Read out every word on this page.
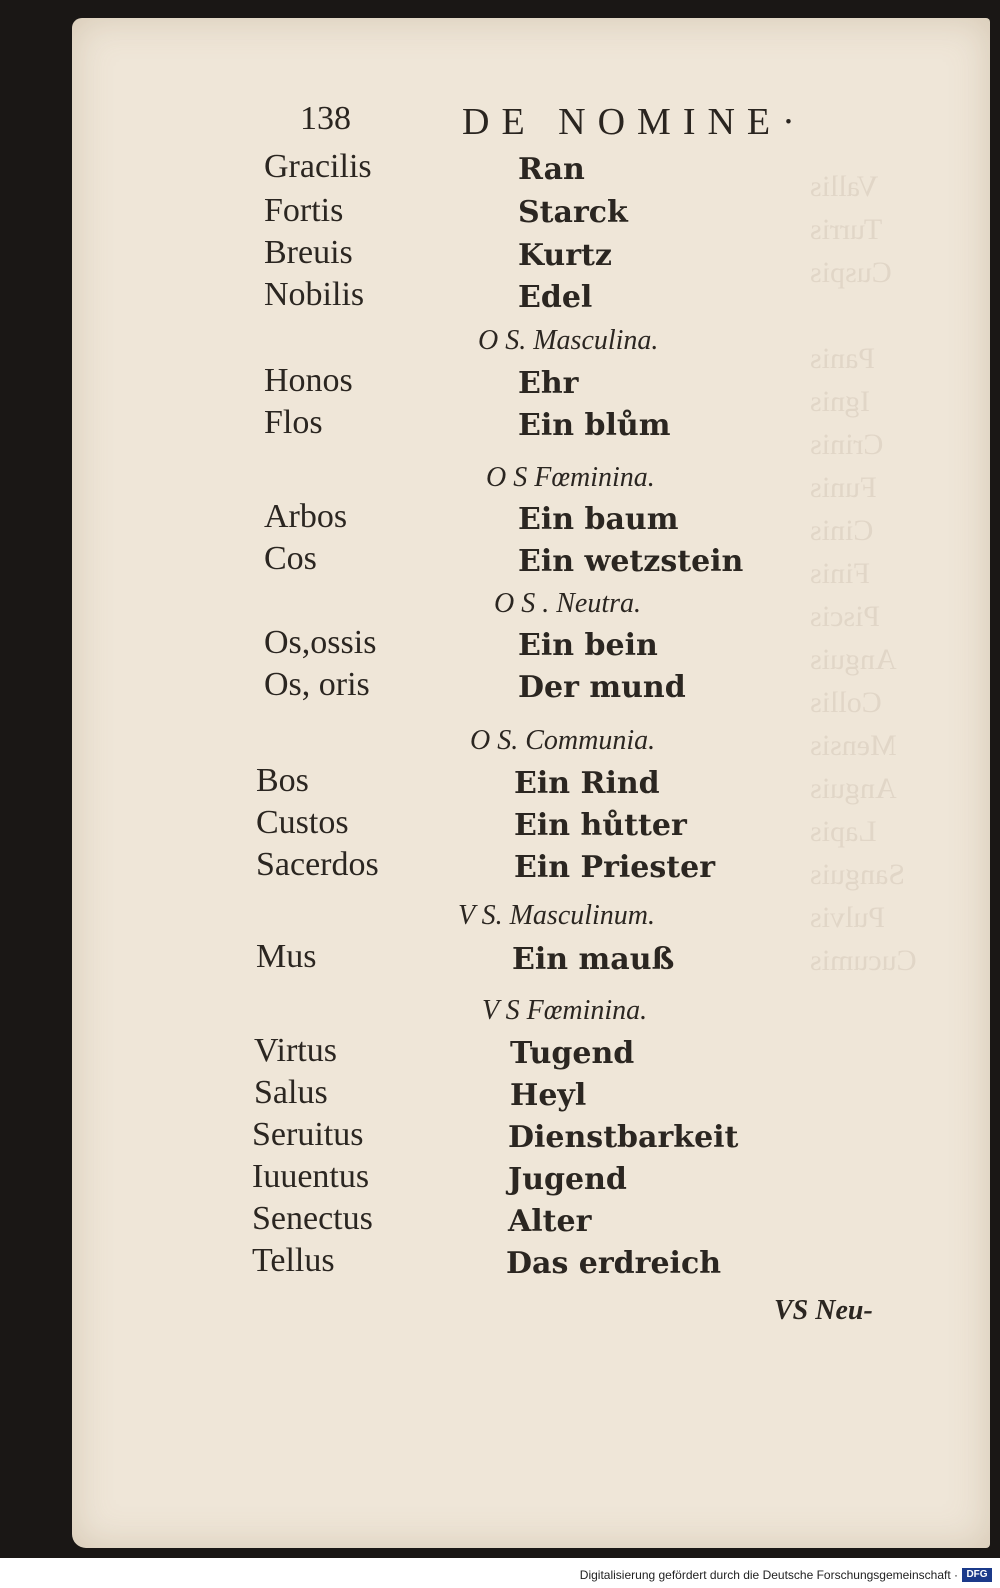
Vallis
Turris
Cuspis

Panis
Ignis
Crinis
Funis
Cinis
Finis
Piscis
Anguis
Collis
Mensis
Anguis
Lapis
Sanguis
Pulvis
Cucumis
138	DE NOMINE·
Gracilis	Ran
Fortis	Starck
Breuis	Kurtz
Nobilis	Edel
O S. Masculina.
Honos	Ehr
Flos	Ein blům
O S Fœminina.
Arbos	Ein baum
Cos	Ein wetzstein
O S . Neutra.
Os,ossis	Ein bein
Os, oris	Der mund
O S. Communia.
Bos	Ein Rind
Custos	Ein hůtter
Sacerdos	Ein Priester
V S. Masculinum.
Mus	Ein mauß
V S Fœminina.
Virtus	Tugend
Salus	Heyl
Seruitus	Dienstbarkeit
Iuuentus	Jugend
Senectus	Alter
Tellus	Das erdreich
VS Neu-
Digitalisierung gefördert durch die Deutsche Forschungsgemeinschaft · DFG
